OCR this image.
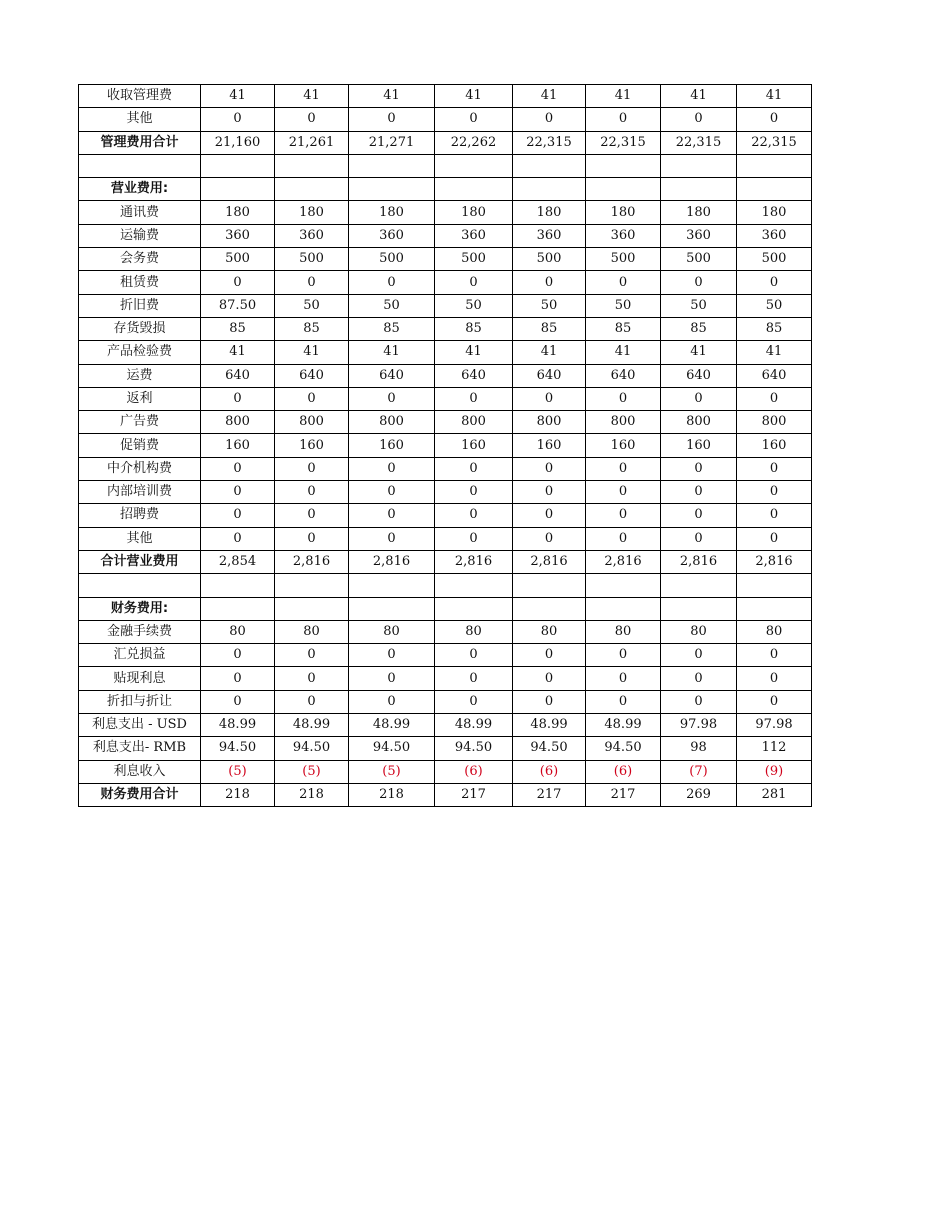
收取管理费	41	41	41	41	41	41	41	41
其他	0	0	0	0	0	0	0	0
管理费用合计	21,160	21,261	21,271	22,262	22,315	22,315	22,315	22,315

营业费用:								
通讯费	180	180	180	180	180	180	180	180
运输费	360	360	360	360	360	360	360	360
会务费	500	500	500	500	500	500	500	500
租赁费	0	0	0	0	0	0	0	0
折旧费	87.50	50	50	50	50	50	50	50
存货毁损	85	85	85	85	85	85	85	85
产品检验费	41	41	41	41	41	41	41	41
运费	640	640	640	640	640	640	640	640
返利	0	0	0	0	0	0	0	0
广告费	800	800	800	800	800	800	800	800
促销费	160	160	160	160	160	160	160	160
中介机构费	0	0	0	0	0	0	0	0
内部培训费	0	0	0	0	0	0	0	0
招聘费	0	0	0	0	0	0	0	0
其他	0	0	0	0	0	0	0	0
合计营业费用	2,854	2,816	2,816	2,816	2,816	2,816	2,816	2,816

财务费用:								
金融手续费	80	80	80	80	80	80	80	80
汇兑损益	0	0	0	0	0	0	0	0
贴现利息	0	0	0	0	0	0	0	0
折扣与折让	0	0	0	0	0	0	0	0
利息支出 - USD	48.99	48.99	48.99	48.99	48.99	48.99	97.98	97.98
利息支出- RMB	94.50	94.50	94.50	94.50	94.50	94.50	98	112
利息收入	(5)	(5)	(5)	(6)	(6)	(6)	(7)	(9)
财务费用合计	218	218	218	217	217	217	269	281
